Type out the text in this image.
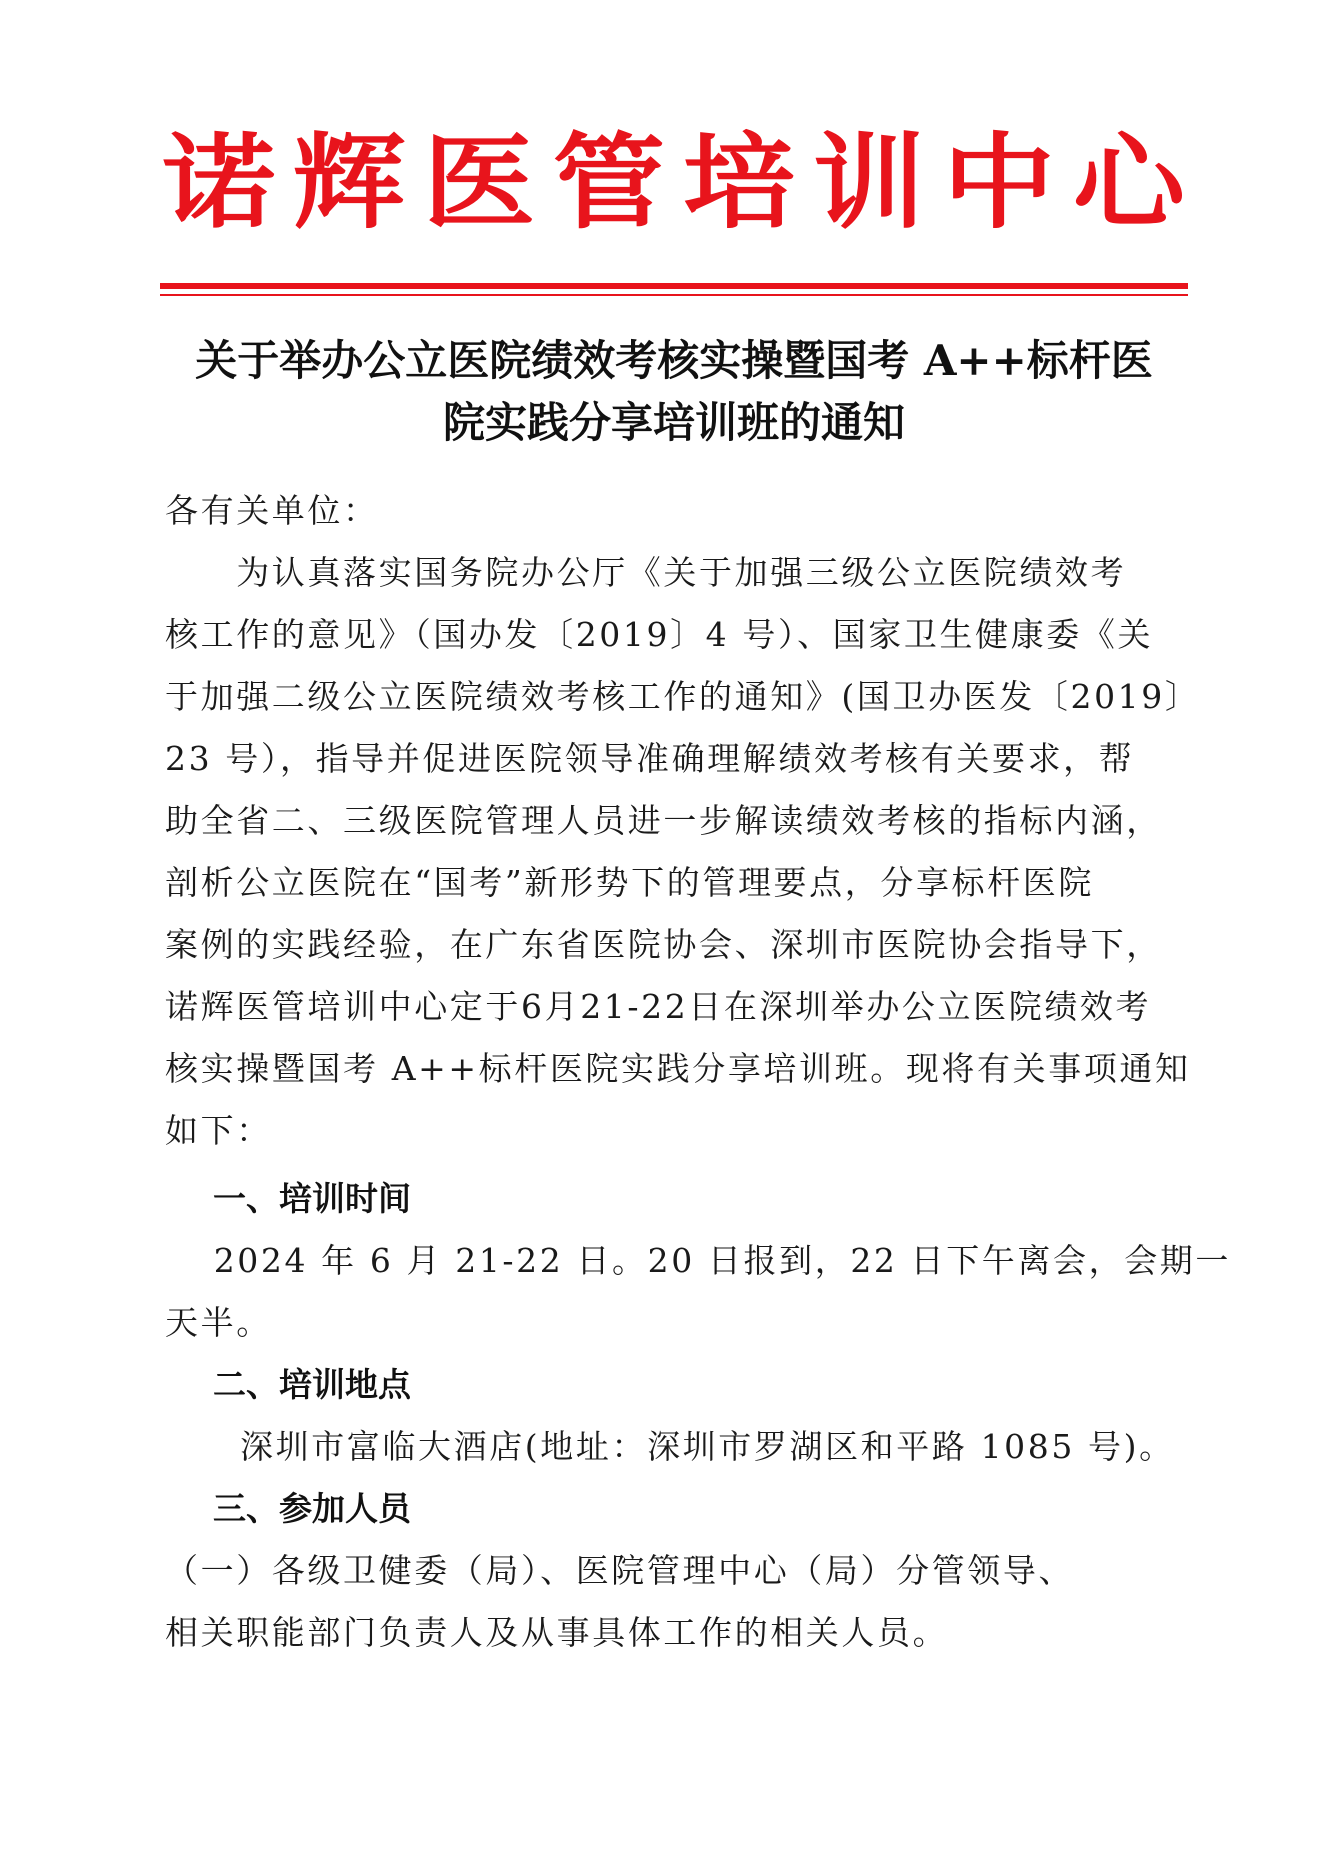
诺 辉 医 管 培 训 中 心
关于举办公立医院绩效考核实操暨国考 A++标杆医
院实践分享培训班的通知
各有关单位：
　　为认真落实国务院办公厅《关于加强三级公立医院绩效考
核工作的意见》（国办发〔2019〕4 号）、国家卫生健康委《关
于加强二级公立医院绩效考核工作的通知》(国卫办医发〔2019〕
23 号），指导并促进医院领导准确理解绩效考核有关要求，帮
助全省二、三级医院管理人员进一步解读绩效考核的指标内涵，
剖析公立医院在“国考”新形势下的管理要点，分享标杆医院
案例的实践经验，在广东省医院协会、深圳市医院协会指导下，
诺辉医管培训中心定于6月21-22日在深圳举办公立医院绩效考
核实操暨国考 A++标杆医院实践分享培训班。现将有关事项通知
如下：
一、培训时间
　 2024 年 6 月 21-22 日。20 日报到，22 日下午离会，会期一
天半。
二、培训地点
深圳市富临大酒店(地址：深圳市罗湖区和平路 1085 号)。
三、参加人员
（一）各级卫健委（局）、医院管理中心（局）分管领导、
相关职能部门负责人及从事具体工作的相关人员。
